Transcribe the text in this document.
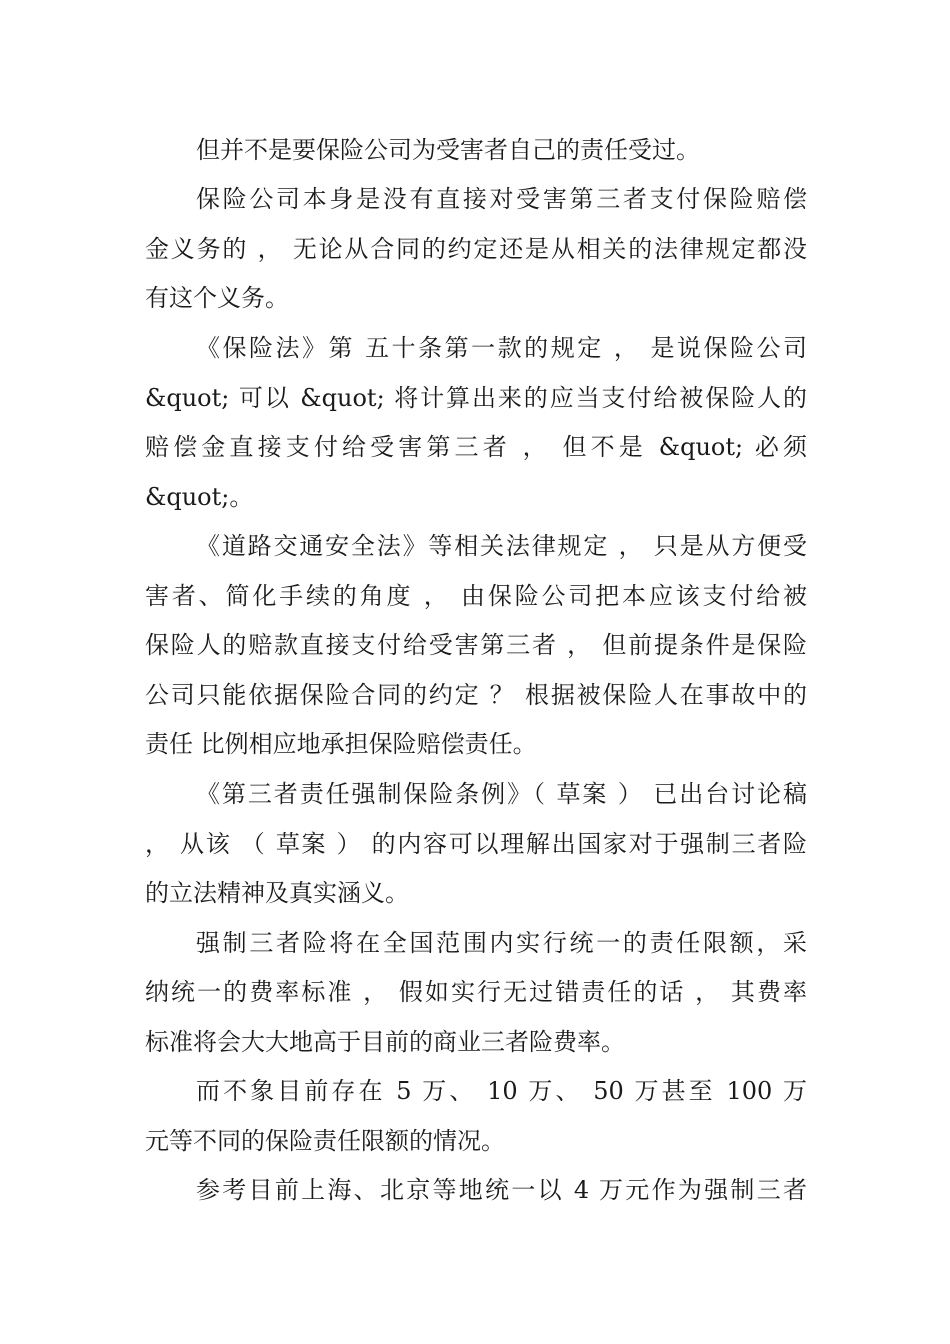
但并不是要保险公司为受害者自己的责任受过。
保险公司本身是没有直接对受害第三者支付保险赔偿
金义务的 ， 无论从合同的约定还是从相关的法律规定都没
有这个义务。
《保险法》第 五十条第一款的规定 ， 是说保险公司
&quot; 可以 &quot; 将计算出来的应当支付给被保险人的
赔偿金直接支付给受害第三者 ， 但不是 &quot; 必须
&quot;。
《道路交通安全法》等相关法律规定 ， 只是从方便受
害者、简化手续的角度 ， 由保险公司把本应该支付给被
保险人的赔款直接支付给受害第三者 ， 但前提条件是保险
公司只能依据保险合同的约定 ？ 根据被保险人在事故中的
责任 比例相应地承担保险赔偿责任。
《第三者责任强制保险条例》（ 草案 ） 已出台讨论稿
， 从该 （ 草案 ） 的内容可以理解出国家对于强制三者险
的立法精神及真实涵义。
强制三者险将在全国范围内实行统一的责任限额，采
纳统一的费率标准 ， 假如实行无过错责任的话 ， 其费率
标准将会大大地高于目前的商业三者险费率。
而不象目前存在 5 万、 10 万、 50 万甚至 100 万
元等不同的保险责任限额的情况。
参考目前上海、北京等地统一以 4 万元作为强制三者
